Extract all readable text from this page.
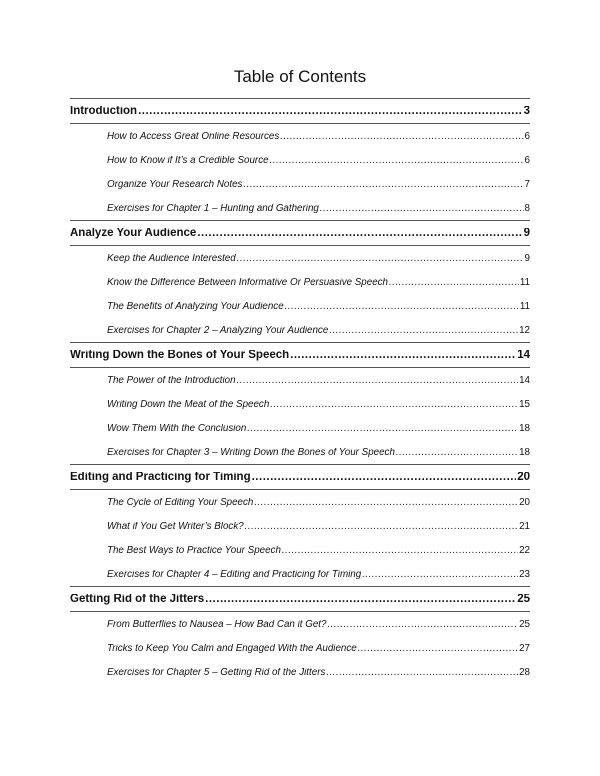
Table of Contents
Introduction .....	3
How to Access Great Online Resources .....	6
How to Know if It’s a Credible Source .....	6
Organize Your Research Notes .....	7
Exercises for Chapter 1 – Hunting and Gathering .....	8
Analyze Your Audience .....	9
Keep the Audience Interested .....	9
Know the Difference Between Informative Or Persuasive Speech .....	11
The Benefits of Analyzing Your Audience .....	11
Exercises for Chapter 2 – Analyzing Your Audience .....	12
Writing Down the Bones of Your Speech .....	14
The Power of the Introduction .....	14
Writing Down the Meat of the Speech .....	15
Wow Them With the Conclusion .....	18
Exercises for Chapter 3 – Writing Down the Bones of Your Speech .....	18
Editing and Practicing for Timing .....	20
The Cycle of Editing Your Speech .....	20
What if You Get Writer’s Block? .....	21
The Best Ways to Practice Your Speech .....	22
Exercises for Chapter 4 – Editing and Practicing for Timing .....	23
Getting Rid of the Jitters .....	25
From Butterflies to Nausea – How Bad Can it Get? .....	25
Tricks to Keep You Calm and Engaged With the Audience .....	27
Exercises for Chapter 5 – Getting Rid of the Jitters .....	28
